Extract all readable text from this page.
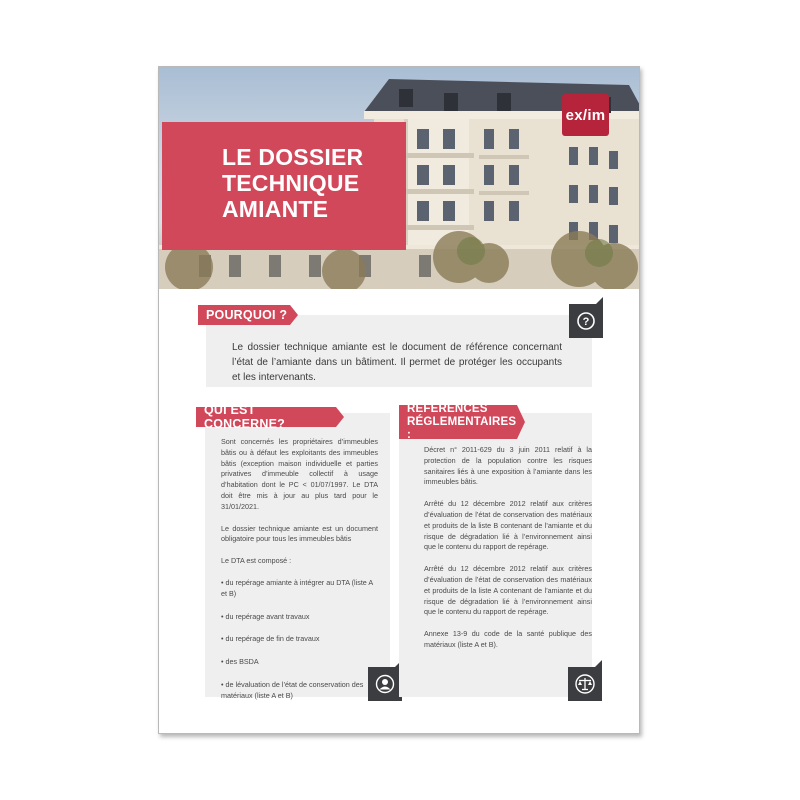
ex/im
LE DOSSIER
TECHNIQUE
AMIANTE
POURQUOI ?	?

Le dossier technique amiante est le document de référence concernant l’état de l’amiante dans un bâtiment. Il permet de protéger les occupants et les intervenants.

QUI EST CONCERNE?

Sont concernés les propriétaires d’immeubles bâtis ou à défaut les exploitants des immeubles bâtis (exception maison individuelle et parties privatives d’immeuble collectif à usage d’habitation dont le PC < 01/07/1997. Le DTA doit être mis à jour au plus tard pour le 31/01/2021.

Le dossier technique amiante est un document obligatoire pour tous les immeubles bâtis

Le DTA est composé :

• du repérage amiante à intégrer au DTA (liste A et B)
• du repérage avant travaux
• du repérage de fin de travaux
• des BSDA
• de lévaluation de l’état de conservation des matériaux (liste A et B)
RÉFÉRENCES
RÉGLEMENTAIRES :

Décret n° 2011-629 du 3 juin 2011 relatif à la protection de la population contre les risques sanitaires liés à une exposition à l’amiante dans les immeubles bâtis.

Arrêté du 12 décembre 2012 relatif aux critères d’évaluation de l’état de conservation des matériaux et produits de la liste B contenant de l’amiante et du risque de dégradation lié à l’environnement ainsi que le contenu du rapport de repérage.

Arrêté du 12 décembre 2012 relatif aux critères d’évaluation de l’état de conservation des matériaux et produits de la liste A contenant de l’amiante et du risque de dégradation lié à l’environnement ainsi que le contenu du rapport de repérage.

Annexe 13-9 du code de la santé publique des matériaux (liste A et B).
